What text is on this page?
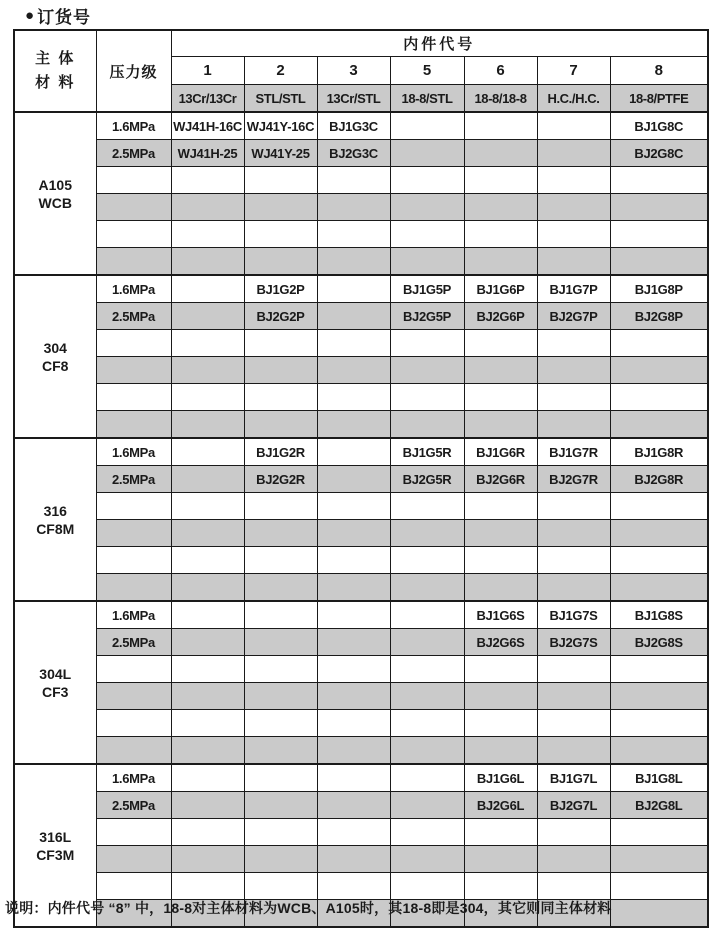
● 订货号
主 体
材 料	压力级	内件代号						
		1	2	3	5	6	7	8
		13Cr/13Cr	STL/STL	13Cr/STL	18-8/STL	18-8/18-8	H.C./H.C.	18-8/PTFE

A105
WCB	1.6MPa	WJ41H-16C	WJ41Y-16C	BJ1G3C				BJ1G8C
	2.5MPa	WJ41H-25	WJ41Y-25	BJ2G3C				BJ2G8C

304
CF8	1.6MPa		BJ1G2P		BJ1G5P	BJ1G6P	BJ1G7P	BJ1G8P
	2.5MPa		BJ2G2P		BJ2G5P	BJ2G6P	BJ2G7P	BJ2G8P

316
CF8M	1.6MPa		BJ1G2R		BJ1G5R	BJ1G6R	BJ1G7R	BJ1G8R
	2.5MPa		BJ2G2R		BJ2G5R	BJ2G6R	BJ2G7R	BJ2G8R

304L
CF3	1.6MPa					BJ1G6S	BJ1G7S	BJ1G8S
	2.5MPa					BJ2G6S	BJ2G7S	BJ2G8S

316L
CF3M	1.6MPa					BJ1G6L	BJ1G7L	BJ1G8L
	2.5MPa					BJ2G6L	BJ2G7L	BJ2G8L

说明：内件代号 “8” 中，18-8对主体材料为WCB、A105时，其18-8即是304，其它则同主体材料
